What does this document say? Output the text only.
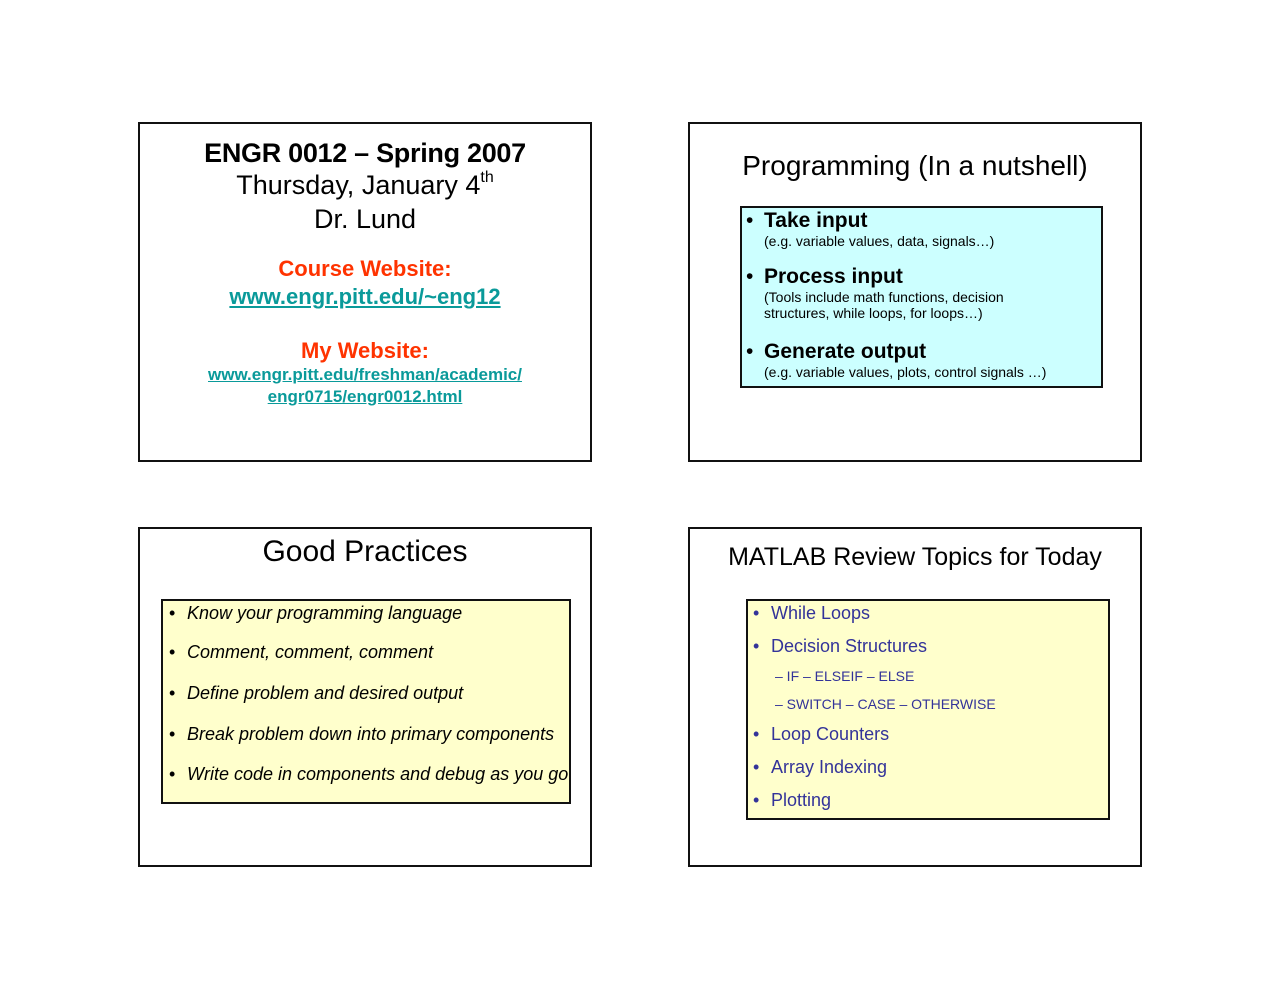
ENGR 0012 – Spring 2007
Thursday, January 4th
Dr. Lund
Course Website:
www.engr.pitt.edu/~eng12
My Website:
www.engr.pitt.edu/freshman/academic/
engr0715/engr0012.html
Programming (In a nutshell)
• Take input
(e.g. variable values, data, signals…)
• Process input
(Tools include math functions, decision structures, while loops, for loops…)
• Generate output
(e.g. variable values, plots, control signals …)
Good Practices
• Know your programming language
• Comment, comment, comment
• Define problem and desired output
• Break problem down into primary components
• Write code in components and debug as you go
MATLAB Review Topics for Today
• While Loops
• Decision Structures
– IF – ELSEIF – ELSE
– SWITCH – CASE – OTHERWISE
• Loop Counters
• Array Indexing
• Plotting
